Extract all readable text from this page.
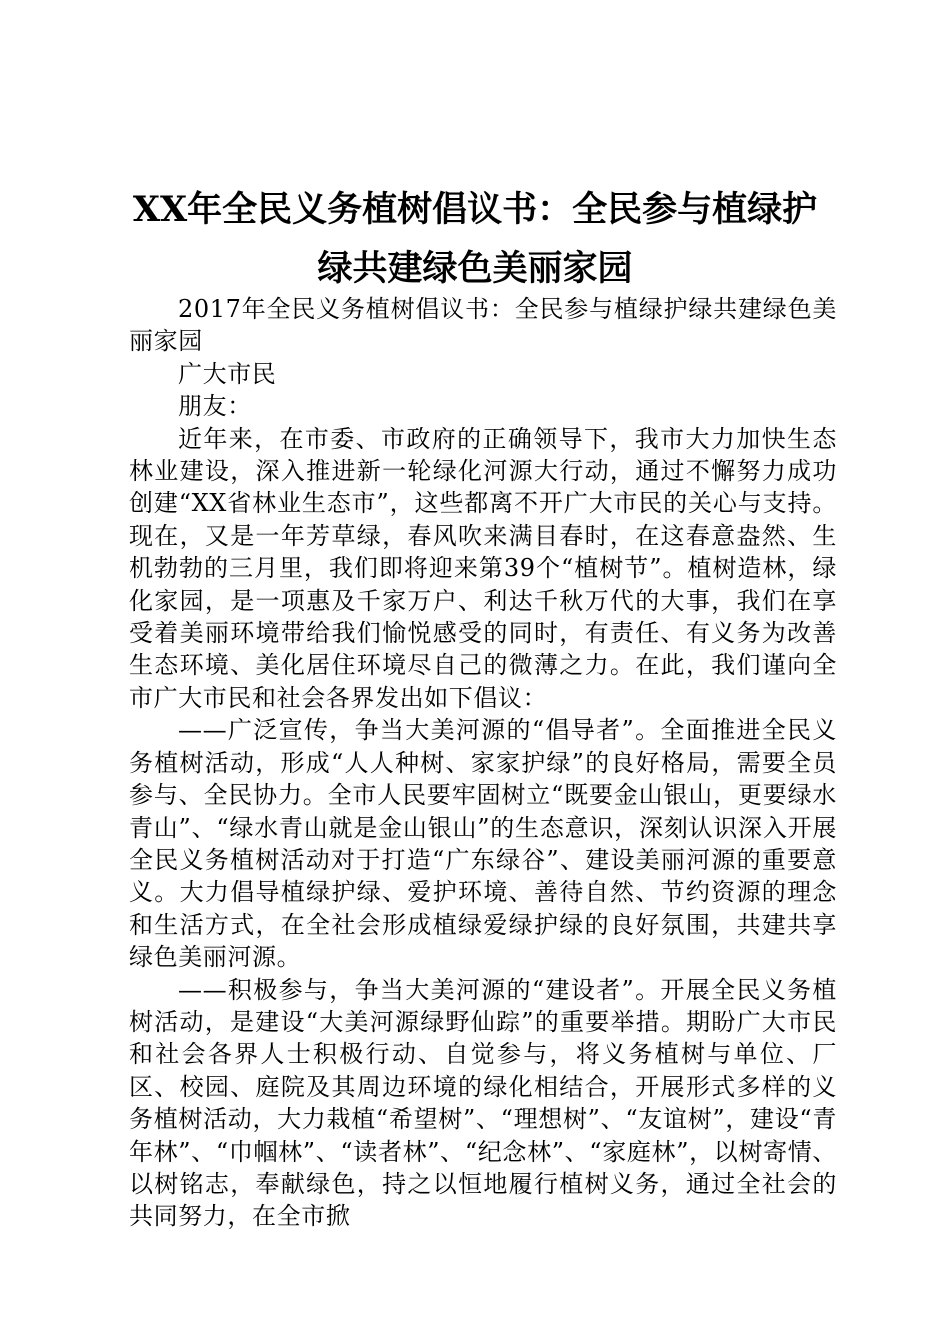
XX年全民义务植树倡议书：全民参与植绿护
绿共建绿色美丽家园

2017年全民义务植树倡议书：全民参与植绿护绿共建绿色美丽家园

广大市民

朋友：

近年来，在市委、市政府的正确领导下，我市大力加快生态林业建设，深入推进新一轮绿化河源大行动，通过不懈努力成功创建“XX省林业生态市”，这些都离不开广大市民的关心与支持。现在，又是一年芳草绿，春风吹来满目春时，在这春意盎然、生机勃勃的三月里，我们即将迎来第39个“植树节”。植树造林，绿化家园，是一项惠及千家万户、利达千秋万代的大事，我们在享受着美丽环境带给我们愉悦感受的同时，有责任、有义务为改善生态环境、美化居住环境尽自己的微薄之力。在此，我们谨向全市广大市民和社会各界发出如下倡议：

——广泛宣传，争当大美河源的“倡导者”。全面推进全民义务植树活动，形成“人人种树、家家护绿”的良好格局，需要全员参与、全民协力。全市人民要牢固树立“既要金山银山，更要绿水青山”、“绿水青山就是金山银山”的生态意识，深刻认识深入开展全民义务植树活动对于打造“广东绿谷”、建设美丽河源的重要意义。大力倡导植绿护绿、爱护环境、善待自然、节约资源的理念和生活方式，在全社会形成植绿爱绿护绿的良好氛围，共建共享绿色美丽河源。

——积极参与，争当大美河源的“建设者”。开展全民义务植树活动，是建设“大美河源绿野仙踪”的重要举措。期盼广大市民和社会各界人士积极行动、自觉参与，将义务植树与单位、厂区、校园、庭院及其周边环境的绿化相结合，开展形式多样的义务植树活动，大力栽植“希望树”、“理想树”、“友谊树”，建设“青年林”、“巾帼林”、“读者林”、“纪念林”、“家庭林”，以树寄情、以树铭志，奉献绿色，持之以恒地履行植树义务，通过全社会的共同努力，在全市掀
